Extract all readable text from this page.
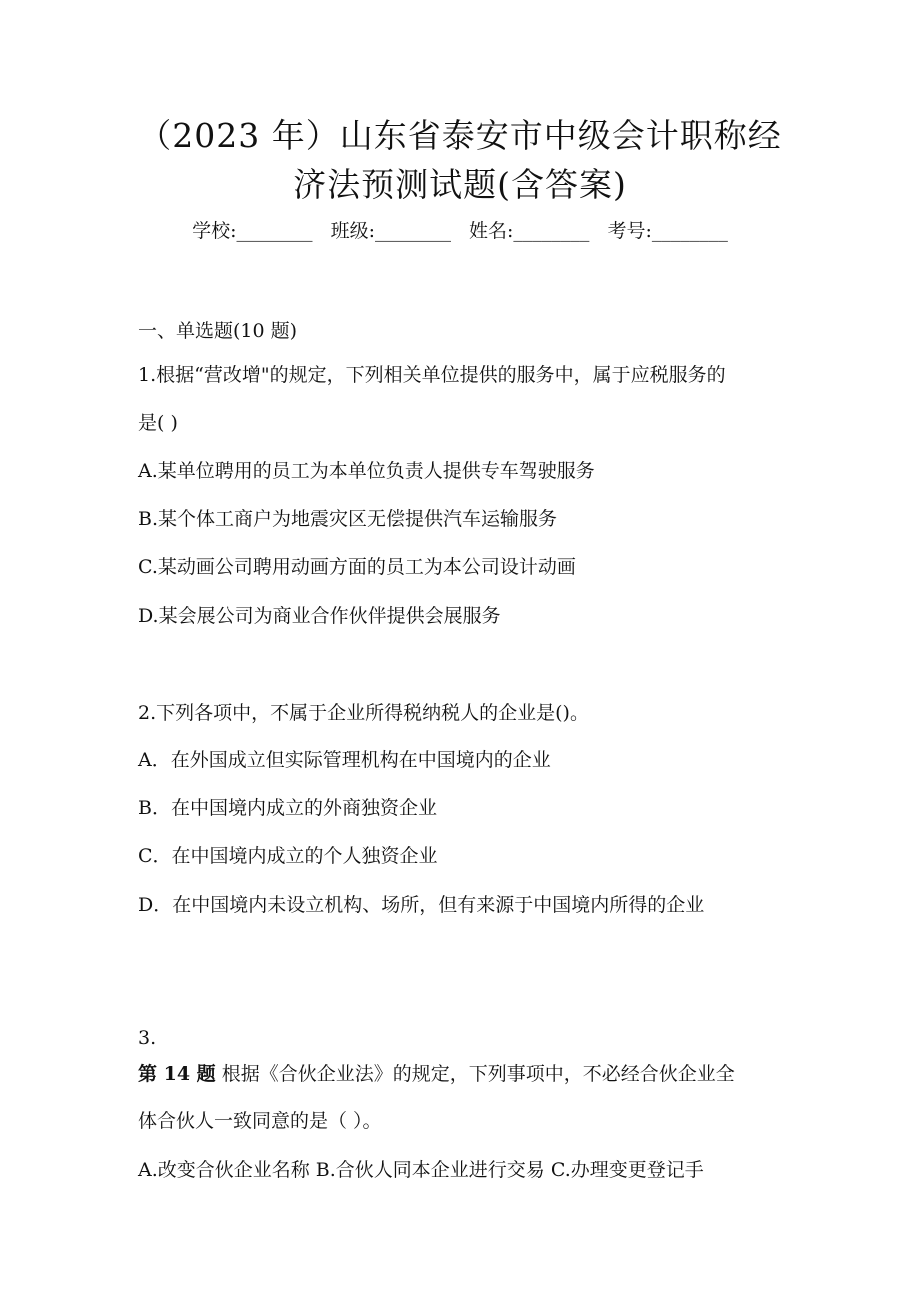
（2023 年）山东省泰安市中级会计职称经
济法预测试题(含答案)
学校:________ 班级:________ 姓名:________ 考号:________
一、单选题(10 题)
1.根据“营改增"的规定，下列相关单位提供的服务中，属于应税服务的
是( )
A.某单位聘用的员工为本单位负责人提供专车驾驶服务
B.某个体工商户为地震灾区无偿提供汽车运输服务
C.某动画公司聘用动画方面的员工为本公司设计动画
D.某会展公司为商业合作伙伴提供会展服务
2.下列各项中，不属于企业所得税纳税人的企业是()。
A．在外国成立但实际管理机构在中国境内的企业
B．在中国境内成立的外商独资企业
C．在中国境内成立的个人独资企业
D．在中国境内未设立机构、场所，但有来源于中国境内所得的企业
3.
第 14 题 根据《合伙企业法》的规定，下列事项中，不必经合伙企业全
体合伙人一致同意的是（ ）。
A.改变合伙企业名称 B.合伙人同本企业进行交易 C.办理变更登记手
